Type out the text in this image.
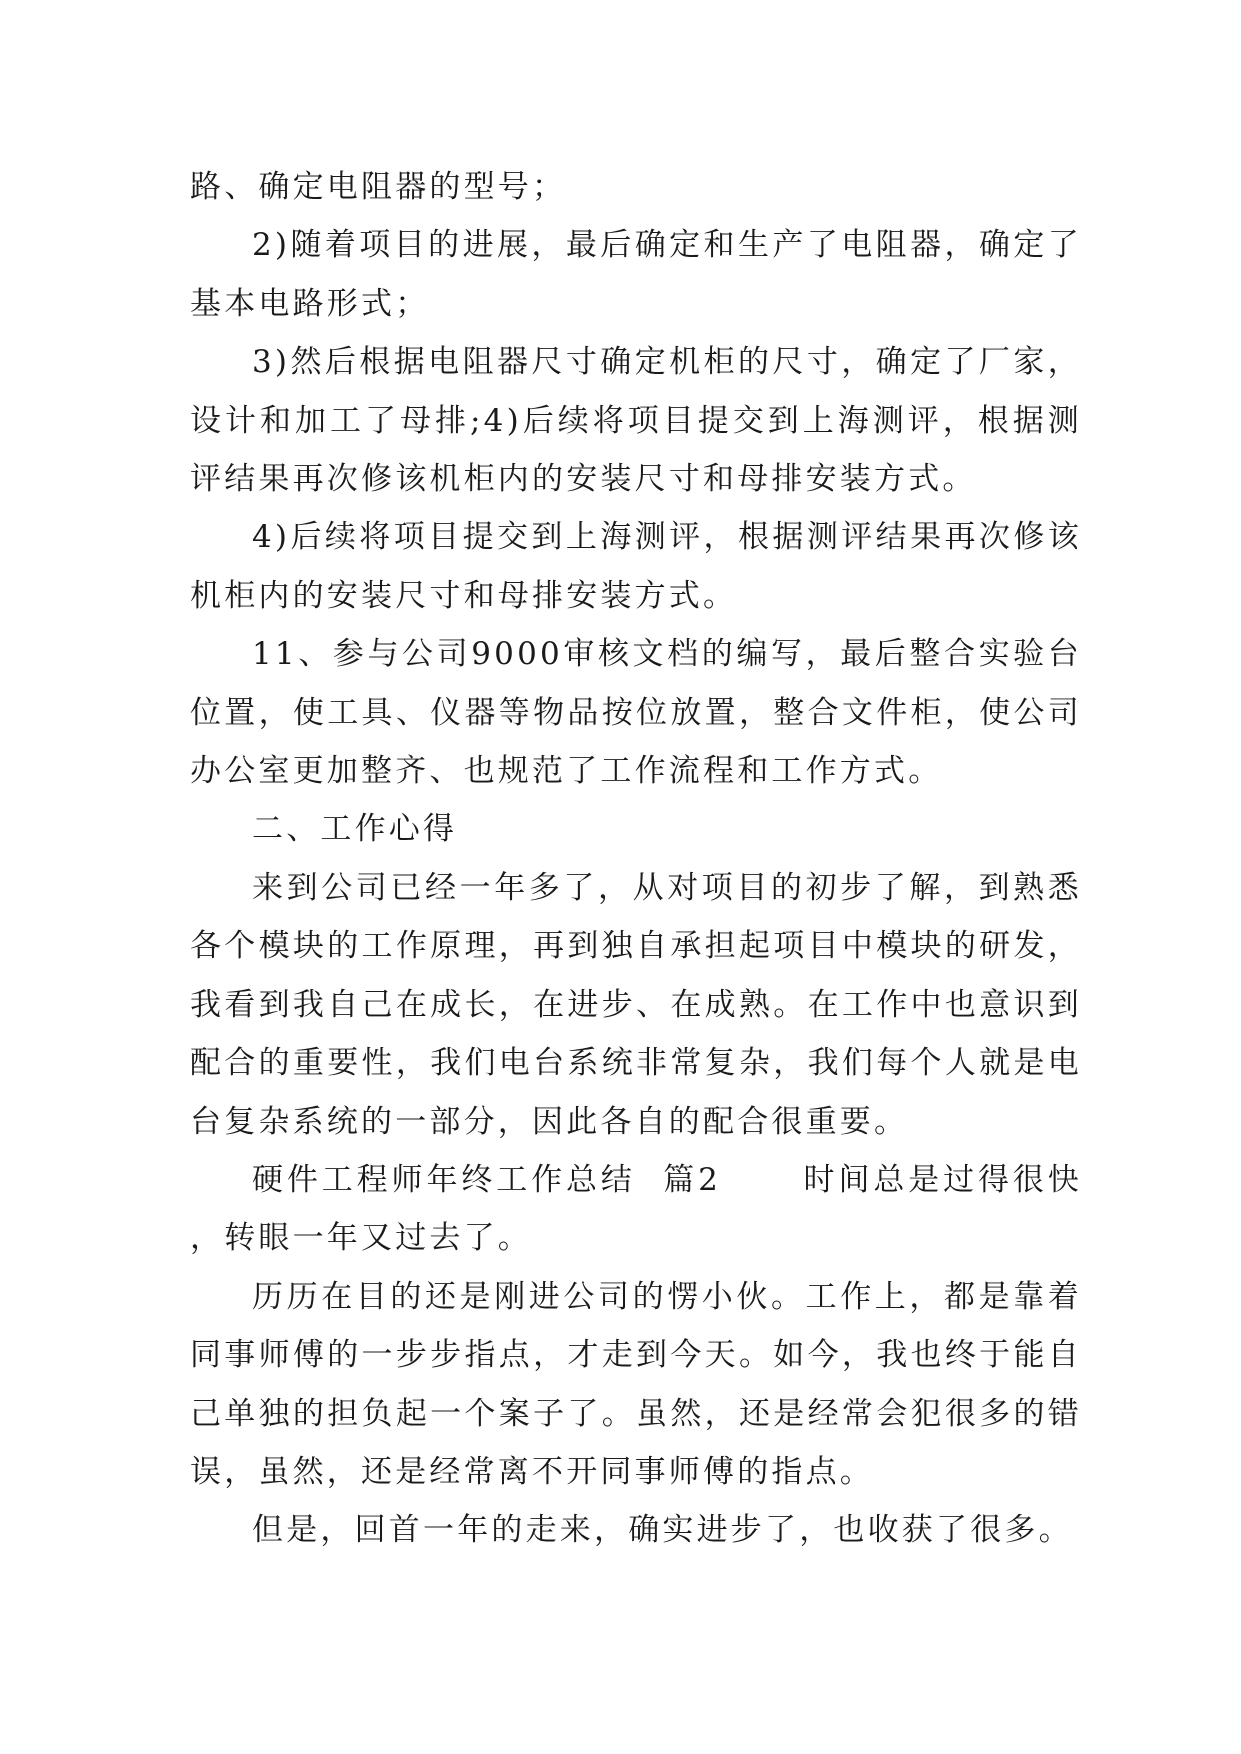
路、确定电阻器的型号；

2)随着项目的进展，最后确定和生产了电阻器，确定了基本电路形式；

3)然后根据电阻器尺寸确定机柜的尺寸，确定了厂家，设计和加工了母排;4)后续将项目提交到上海测评，根据测评结果再次修该机柜内的安装尺寸和母排安装方式。

4)后续将项目提交到上海测评，根据测评结果再次修该机柜内的安装尺寸和母排安装方式。

11、参与公司9000审核文档的编写，最后整合实验台位置，使工具、仪器等物品按位放置，整合文件柜，使公司办公室更加整齐、也规范了工作流程和工作方式。

二、工作心得

来到公司已经一年多了，从对项目的初步了解，到熟悉各个模块的工作原理，再到独自承担起项目中模块的研发，我看到我自己在成长，在进步、在成熟。在工作中也意识到配合的重要性，我们电台系统非常复杂，我们每个人就是电台复杂系统的一部分，因此各自的配合很重要。

硬件工程师年终工作总结  篇2      时间总是过得很快，转眼一年又过去了。

历历在目的还是刚进公司的愣小伙。工作上，都是靠着同事师傅的一步步指点，才走到今天。如今，我也终于能自己单独的担负起一个案子了。虽然，还是经常会犯很多的错误，虽然，还是经常离不开同事师傅的指点。

但是，回首一年的走来，确实进步了，也收获了很多。
